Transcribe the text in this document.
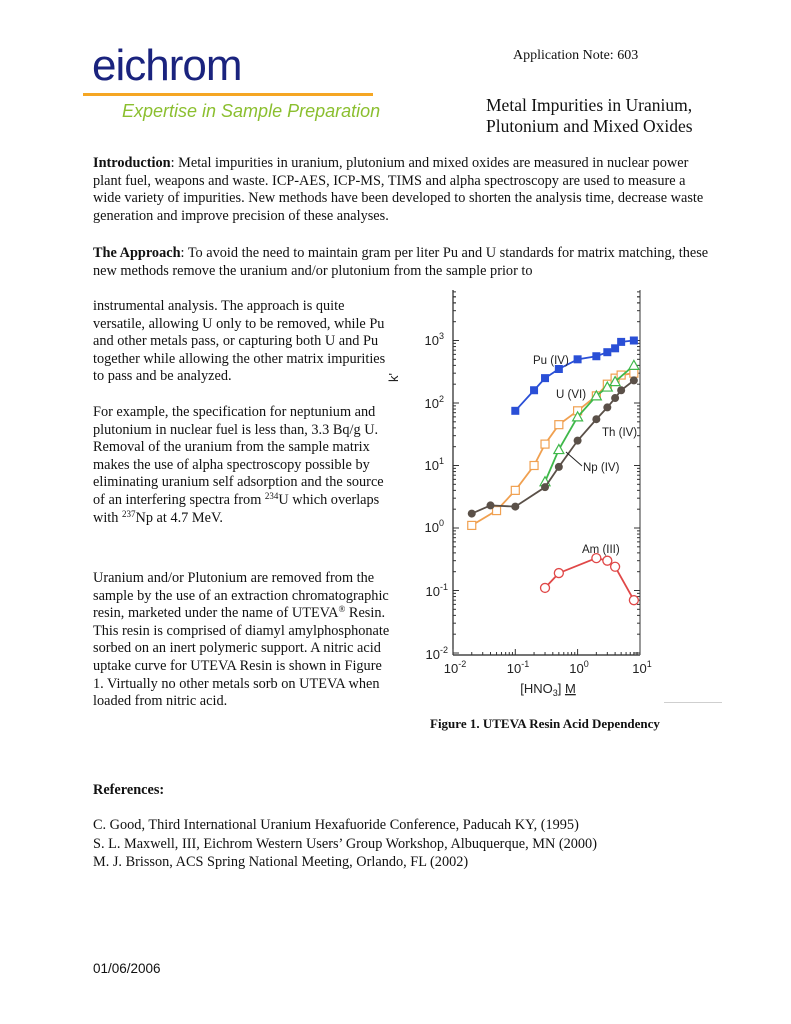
eichrom
Expertise in Sample Preparation
Application Note: 603
Metal Impurities in Uranium,
Plutonium and Mixed Oxides
Introduction: Metal impurities in uranium, plutonium and mixed oxides are measured in nuclear power plant fuel, weapons and waste. ICP-AES, ICP-MS, TIMS and alpha spectroscopy are used to measure a wide variety of impurities. New methods have been developed to shorten the analysis time, decrease waste generation and improve precision of these analyses.
The Approach: To avoid the need to maintain gram per liter Pu and U standards for matrix matching, these new methods remove the uranium and/or plutonium from the sample prior to
instrumental analysis. The approach is quite versatile, allowing U only to be removed, while Pu and other metals pass, or capturing both U and Pu together while allowing the other matrix impurities to pass and be analyzed.
For example, the specification for neptunium and plutonium in nuclear fuel is less than, 3.3 Bq/g U. Removal of the uranium from the sample matrix makes the use of alpha spectroscopy possible by eliminating uranium self adsorption and the source of an interfering spectra from $^{234}$U which overlaps with $^{237}$Np at 4.7 MeV.
Uranium and/or Plutonium are removed from the sample by the use of an extraction chromatographic resin, marketed under the name of UTEVA® Resin. This resin is comprised of diamyl amylphosphonate sorbed on an inert polymeric support. A nitric acid uptake curve for UTEVA Resin is shown in Figure 1. Virtually no other metals sorb on UTEVA when loaded from nitric acid.
$10^3$
$10^2$
$10^1$
$10^0$
$10^{-1}$
$10^{-2}$
$10^{-2}$	$10^{-1}$	$10^0$	$10^1$
$[HNO_3]$ M
k'
Pu (IV)
U (VI)
Th (IV)
Np (IV)
Am (III)
Figure 1. UTEVA Resin Acid Dependency
References:
C. Good, Third International Uranium Hexafuoride Conference, Paducah KY, (1995)
S. L. Maxwell, III, Eichrom Western Users’ Group Workshop, Albuquerque, MN (2000)
M. J. Brisson, ACS Spring National Meeting, Orlando, FL (2002)
01/06/2006
